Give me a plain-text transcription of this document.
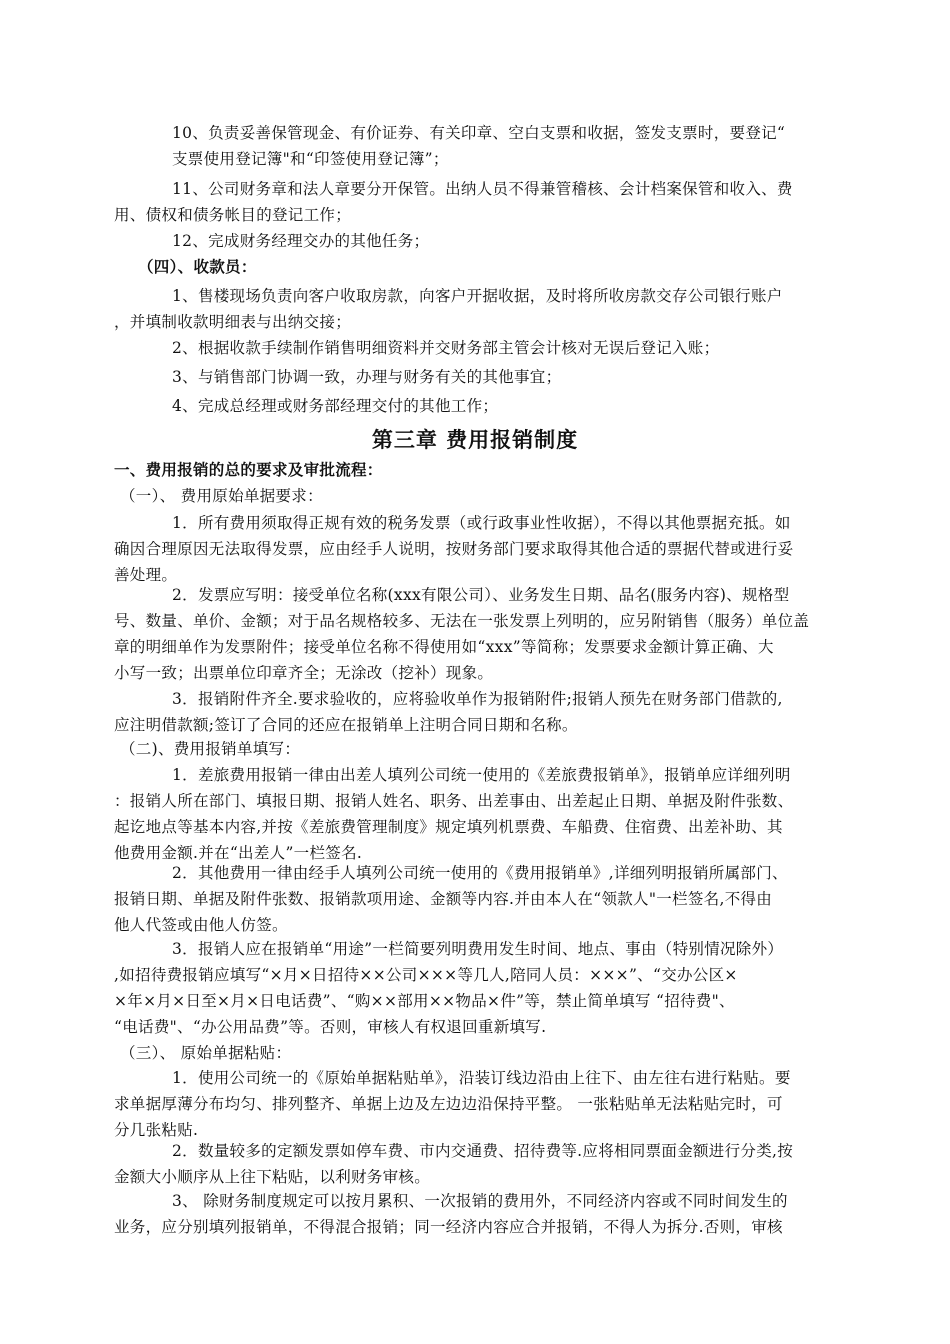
10、负责妥善保管现金、有价证券、有关印章、空白支票和收据，签发支票时，要登记“
支票使用登记簿"和“印签使用登记簿”；
11、公司财务章和法人章要分开保管。出纳人员不得兼管稽核、会计档案保管和收入、费
用、债权和债务帐目的登记工作；
12、完成财务经理交办的其他任务；
（四）、收款员：
1、售楼现场负责向客户收取房款，向客户开据收据，及时将所收房款交存公司银行账户
，并填制收款明细表与出纳交接；
2、根据收款手续制作销售明细资料并交财务部主管会计核对无误后登记入账；
3、与销售部门协调一致，办理与财务有关的其他事宜；
4、完成总经理或财务部经理交付的其他工作；
第三章 费用报销制度
一、费用报销的总的要求及审批流程：
（一）、 费用原始单据要求：
1．所有费用须取得正规有效的税务发票（或行政事业性收据），不得以其他票据充抵。如
确因合理原因无法取得发票，应由经手人说明，按财务部门要求取得其他合适的票据代替或进行妥
善处理。
2．发票应写明：接受单位名称(xxx有限公司）、业务发生日期、品名(服务内容)、规格型
号、数量、单价、金额；对于品名规格较多、无法在一张发票上列明的，应另附销售（服务）单位盖
章的明细单作为发票附件；接受单位名称不得使用如“xxx”等简称；发票要求金额计算正确、大
小写一致；出票单位印章齐全；无涂改（挖补）现象。
3．报销附件齐全.要求验收的，应将验收单作为报销附件;报销人预先在财务部门借款的,
应注明借款额;签订了合同的还应在报销单上注明合同日期和名称。
（二)、费用报销单填写：
1．差旅费用报销一律由出差人填列公司统一使用的《差旅费报销单》，报销单应详细列明
：报销人所在部门、填报日期、报销人姓名、职务、出差事由、出差起止日期、单据及附件张数、
起讫地点等基本内容,并按《差旅费管理制度》规定填列机票费、车船费、住宿费、出差补助、其
他费用金额.并在“出差人”一栏签名.
2．其他费用一律由经手人填列公司统一使用的《费用报销单》,详细列明报销所属部门、
报销日期、单据及附件张数、报销款项用途、金额等内容.并由本人在“领款人"一栏签名,不得由
他人代签或由他人仿签。
3．报销人应在报销单“用途”一栏简要列明费用发生时间、地点、事由（特别情况除外）
,如招待费报销应填写“×月×日招待××公司×××等几人,陪同人员：×××”、“交办公区×
×年×月×日至×月×日电话费”、“购××部用××物品×件”等，禁止简单填写 “招待费"、
“电话费"、“办公用品费”等。否则，审核人有权退回重新填写.
（三）、 原始单据粘贴：
1．使用公司统一的《原始单据粘贴单》，沿装订线边沿由上往下、由左往右进行粘贴。要
求单据厚薄分布均匀、排列整齐、单据上边及左边边沿保持平整。 一张粘贴单无法粘贴完时，可
分几张粘贴.
2．数量较多的定额发票如停车费、市内交通费、招待费等.应将相同票面金额进行分类,按
金额大小顺序从上往下粘贴，以利财务审核。
3、 除财务制度规定可以按月累积、一次报销的费用外，不同经济内容或不同时间发生的
业务，应分别填列报销单，不得混合报销；同一经济内容应合并报销，不得人为拆分.否则，审核
